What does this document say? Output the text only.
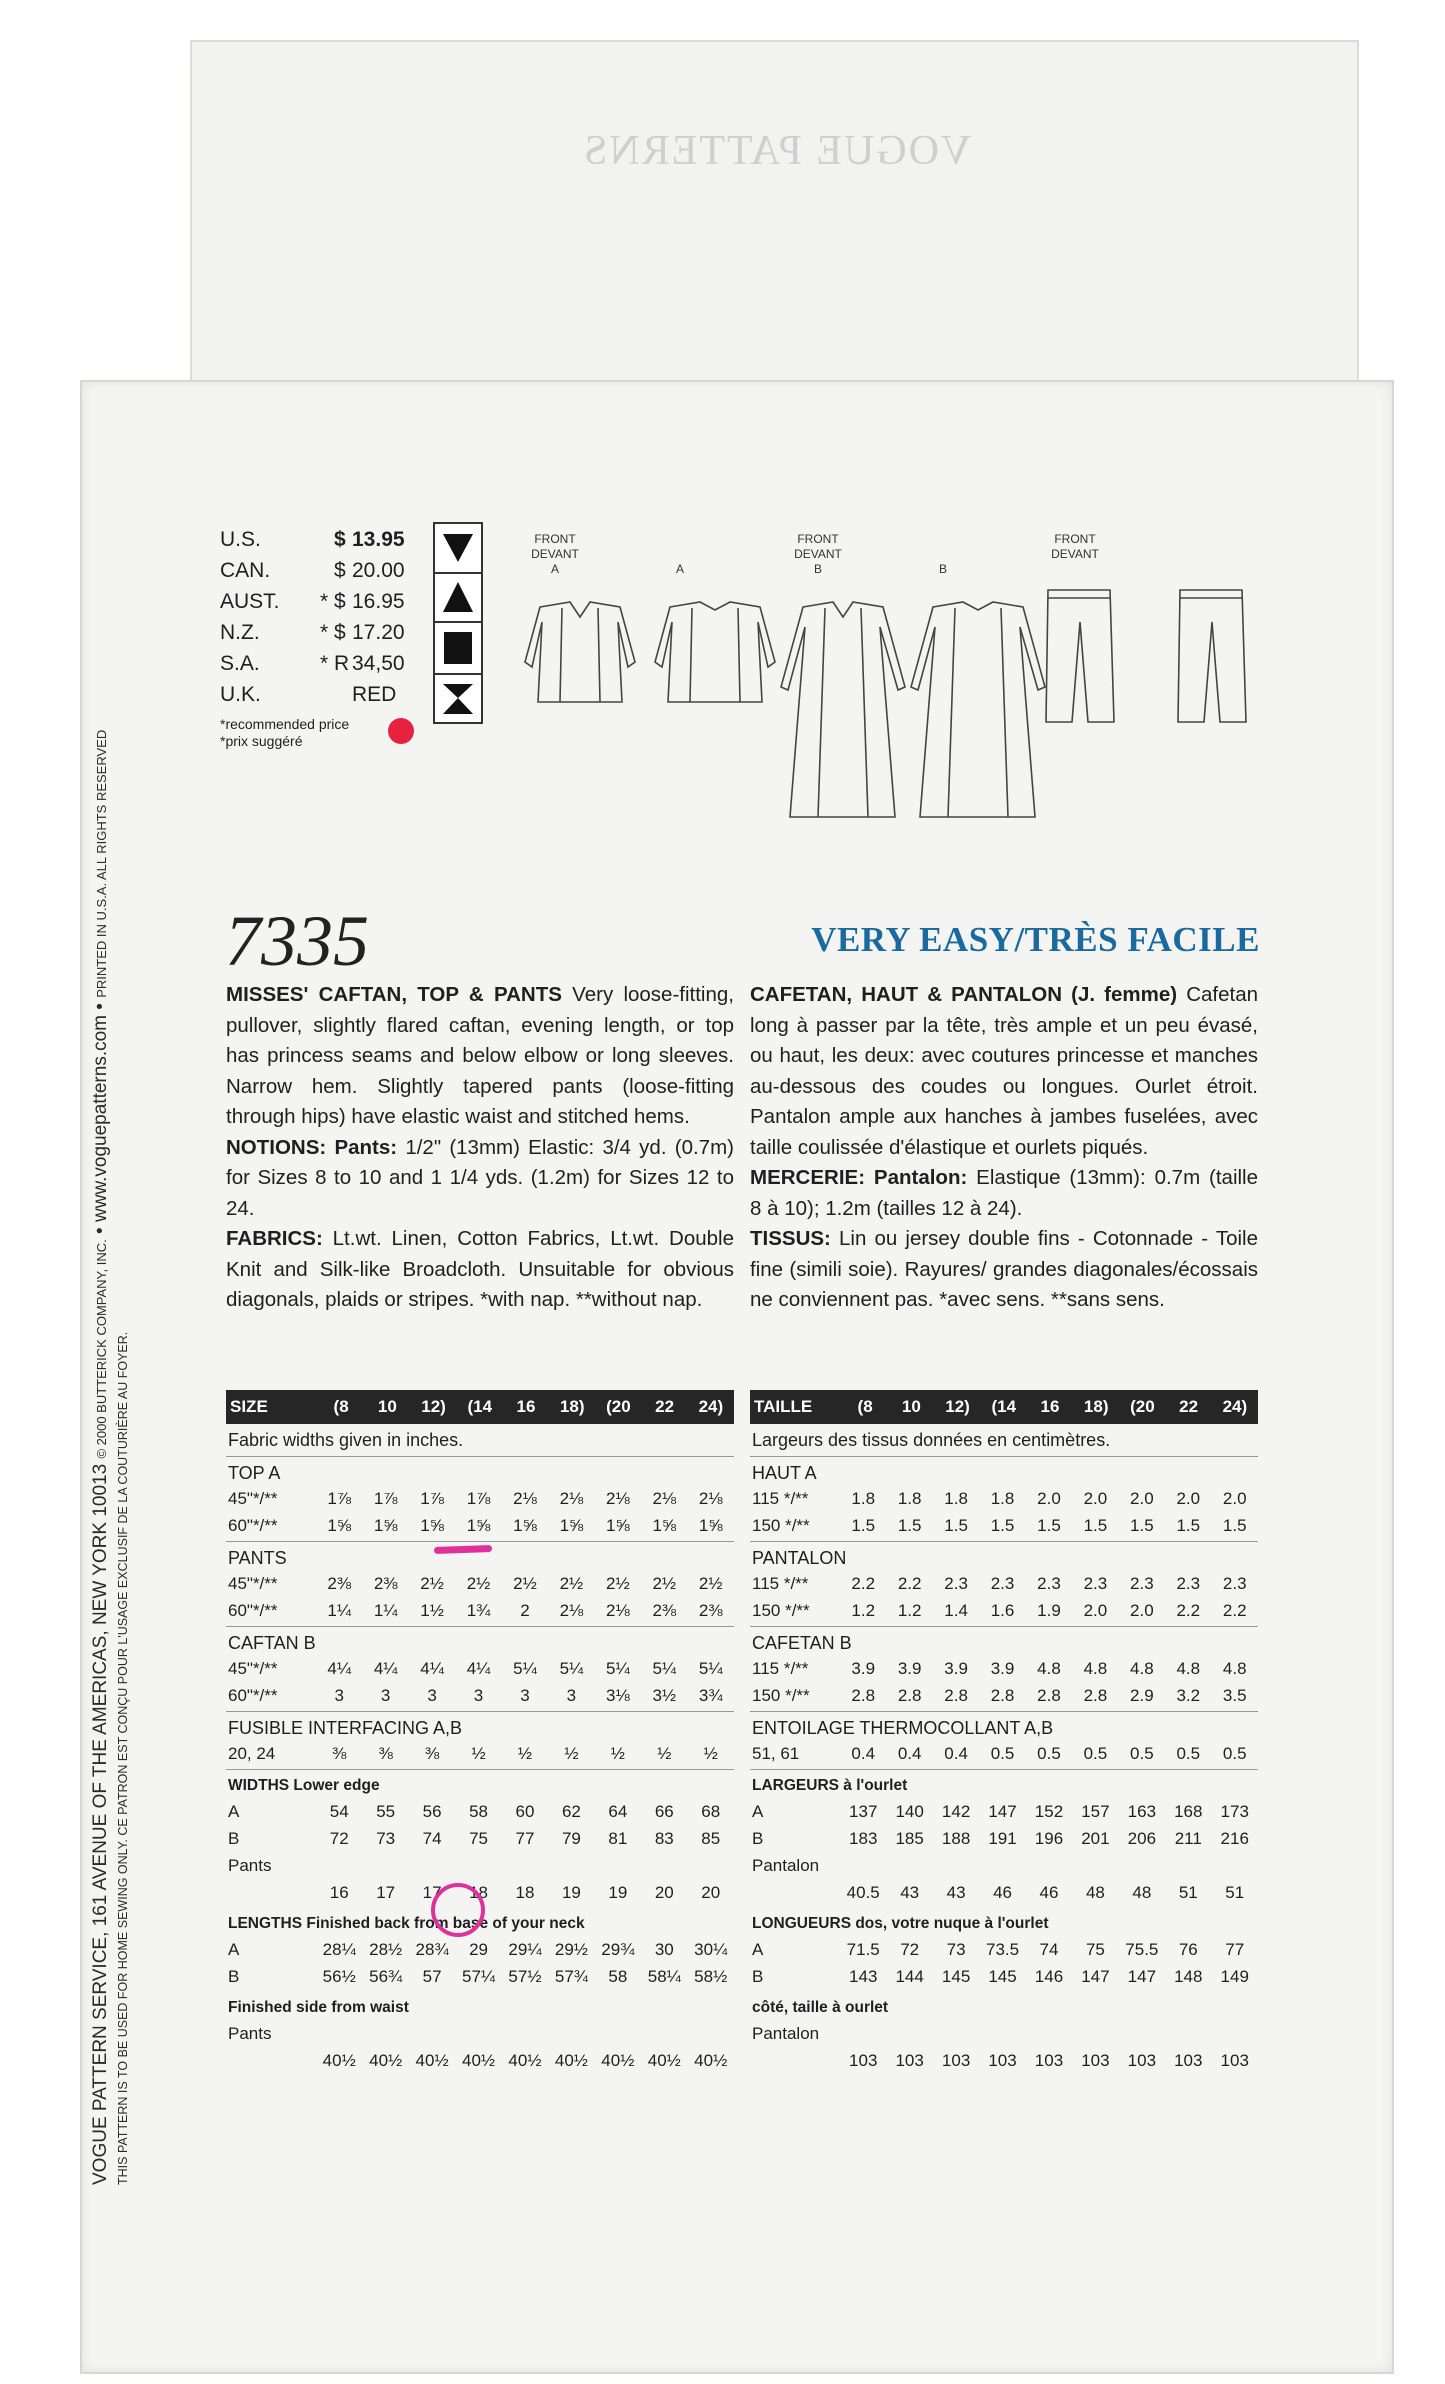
VOGUE PATTERNS
VOGUE PATTERN SERVICE, 161 AVENUE OF THE AMERICAS, NEW YORK 10013 © 2000 BUTTERICK COMPANY, INC. • www.voguepatterns.com • PRINTED IN U.S.A. ALL RIGHTS RESERVED
THIS PATTERN IS TO BE USED FOR HOME SEWING ONLY. CE PATRON EST CONÇU POUR L'USAGE EXCLUSIF DE LA COUTURIÈRE AU FOYER.
U.S.	$ 13.95
CAN.	$ 20.00
AUST.	* $ 16.95
N.Z.	* $ 17.20
S.A.	* R 34,50
U.K.	RED
*recommended price
*prix suggéré
FRONT
DEVANT
A	A
FRONT
DEVANT
B	B
FRONT
DEVANT
7335	VERY EASY/TRÈS FACILE

MISSES' CAFTAN, TOP & PANTS Very loose-fitting, pullover, slightly flared caftan, evening length, or top has princess seams and below elbow or long sleeves. Narrow hem. Slightly tapered pants (loose-fitting through hips) have elastic waist and stitched hems.

NOTIONS: Pants: 1/2" (13mm) Elastic: 3/4 yd. (0.7m) for Sizes 8 to 10 and 1 1/4 yds. (1.2m) for Sizes 12 to 24.

FABRICS: Lt.wt. Linen, Cotton Fabrics, Lt.wt. Double Knit and Silk-like Broadcloth. Unsuitable for obvious diagonals, plaids or stripes. *with nap. **without nap.

CAFETAN, HAUT & PANTALON (J. femme) Cafetan long à passer par la tête, très ample et un peu évasé, ou haut, les deux: avec coutures princesse et manches au-dessous des coudes ou longues. Ourlet étroit. Pantalon ample aux hanches à jambes fuselées, avec taille coulissée d'élastique et ourlets piqués.

MERCERIE: Pantalon: Elastique (13mm): 0.7m (taille 8 à 10); 1.2m (tailles 12 à 24).

TISSUS: Lin ou jersey double fins - Cotonnade - Toile fine (simili soie). Rayures/ grandes diagonales/écossais ne conviennent pas. *avec sens. **sans sens.

SIZE	(8	10	12)	(14	16	18)	(20	22	24)
Fabric widths given in inches.
TOP A
45"*/**	1⅞	1⅞	1⅞	1⅞	2⅛	2⅛	2⅛	2⅛	2⅛
60"*/**	1⅝	1⅝	1⅝	1⅝	1⅝	1⅝	1⅝	1⅝	1⅝
PANTS
45"*/**	2⅜	2⅜	2½	2½	2½	2½	2½	2½	2½
60"*/**	1¼	1¼	1½	1¾	2	2⅛	2⅛	2⅜	2⅜
CAFTAN B
45"*/**	4¼	4¼	4¼	4¼	5¼	5¼	5¼	5¼	5¼
60"*/**	3	3	3	3	3	3	3⅛	3½	3¾
FUSIBLE INTERFACING A,B
20, 24	⅜	⅜	⅜	½	½	½	½	½	½
WIDTHS Lower edge
A	54	55	56	58	60	62	64	66	68
B	72	73	74	75	77	79	81	83	85
Pants
16	17	17	18	18	19	19	20	20
LENGTHS Finished back from base of your neck
A	28¼ 28½ 28¾	29	29¼ 29½ 29¾	30	30¼
B	56½ 56¾	57	57¼ 57½ 57¾	58	58¼ 58½
Finished side from waist
Pants
40½ 40½ 40½ 40½ 40½ 40½ 40½ 40½ 40½
TAILLE	(8	10	12)	(14	16	18)	(20	22	24)
Largeurs des tissus données en centimètres.
HAUT A
115 */**	1.8	1.8	1.8	1.8	2.0	2.0	2.0	2.0	2.0
150 */**	1.5	1.5	1.5	1.5	1.5	1.5	1.5	1.5	1.5
PANTALON
115 */**	2.2	2.2	2.3	2.3	2.3	2.3	2.3	2.3	2.3
150 */**	1.2	1.2	1.4	1.6	1.9	2.0	2.0	2.2	2.2
CAFETAN B
115 */**	3.9	3.9	3.9	3.9	4.8	4.8	4.8	4.8	4.8
150 */**	2.8	2.8	2.8	2.8	2.8	2.8	2.9	3.2	3.5
ENTOILAGE THERMOCOLLANT A,B
51, 61	0.4	0.4	0.4	0.5	0.5	0.5	0.5	0.5	0.5
LARGEURS à l'ourlet
A	137	140	142	147	152	157	163	168	173
B	183	185	188	191	196	201	206	211	216
Pantalon
40.5	43	43	46	46	48	48	51	51
LONGUEURS dos, votre nuque à l'ourlet
A	71.5	72	73	73.5	74	75	75.5	76	77
B	143	144	145	145	146	147	147	148	149
côté, taille à ourlet
Pantalon
103	103	103	103	103	103	103	103	103
